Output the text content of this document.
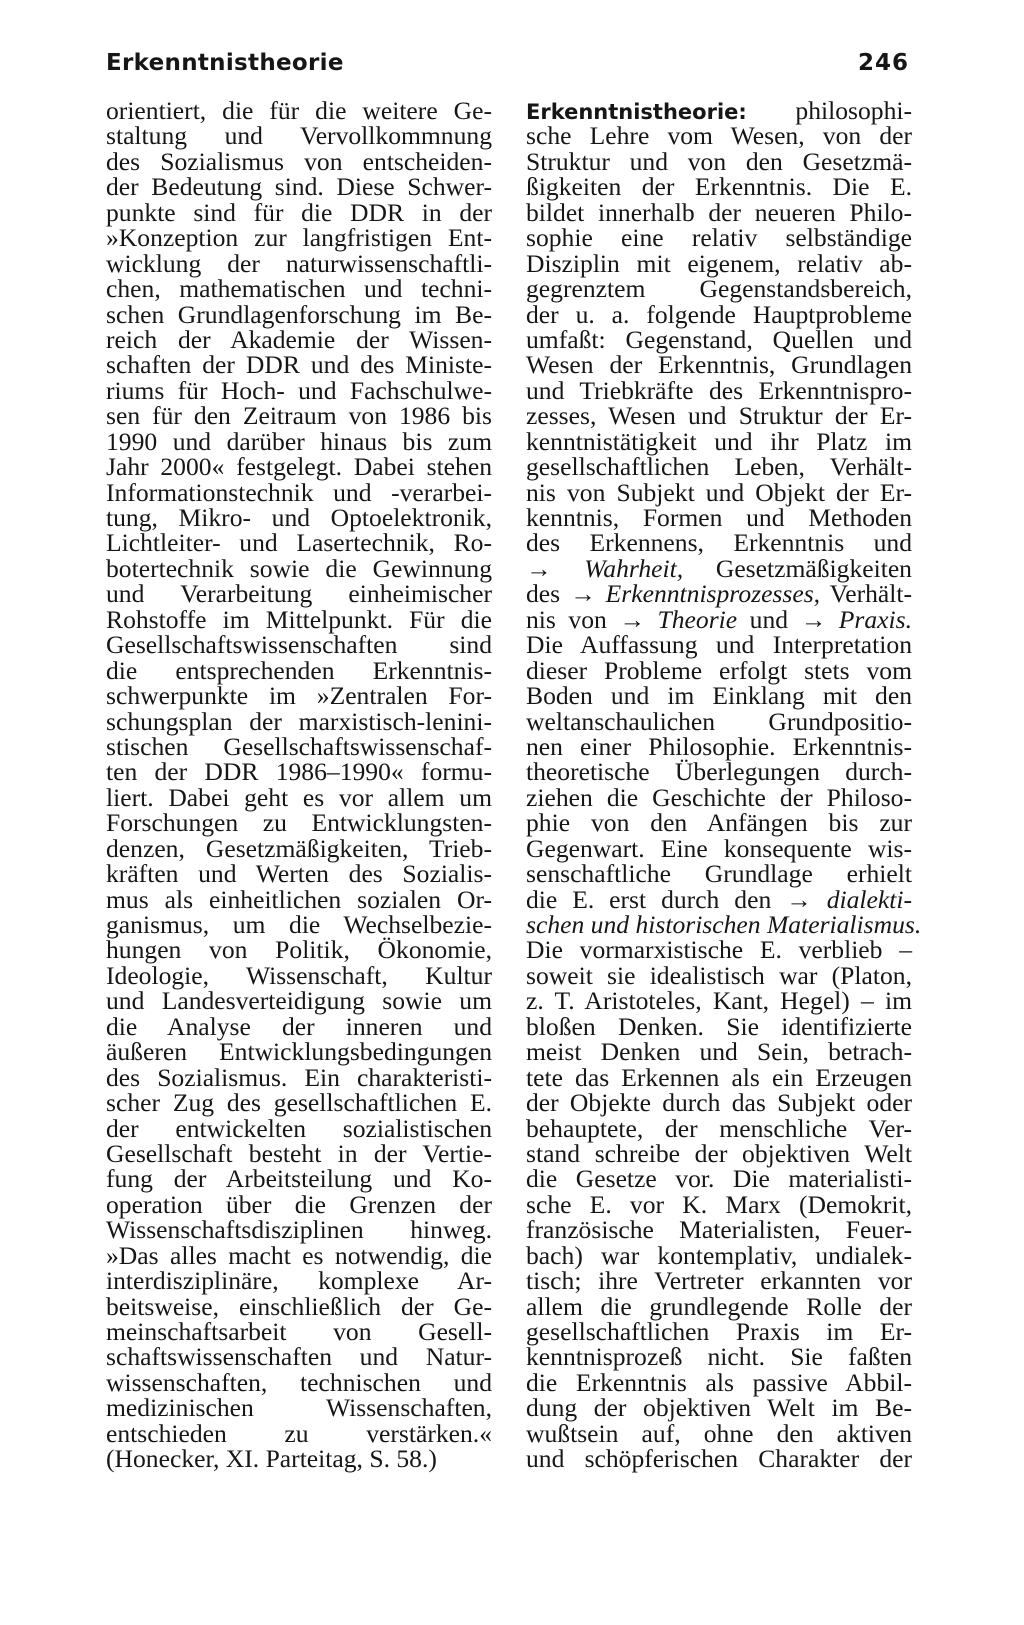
Erkenntnistheorie	246
orientiert, die für die weitere Ge-
staltung und Vervollkommnung
des Sozialismus von entscheiden-
der Bedeutung sind. Diese Schwer-
punkte sind für die DDR in der
»Konzeption zur langfristigen Ent-
wicklung der naturwissenschaftli-
chen, mathematischen und techni-
schen Grundlagenforschung im Be-
reich der Akademie der Wissen-
schaften der DDR und des Ministe-
riums für Hoch- und Fachschulwe-
sen für den Zeitraum von 1986 bis
1990 und darüber hinaus bis zum
Jahr 2000« festgelegt. Dabei stehen
Informationstechnik und -verarbei-
tung, Mikro- und Optoelektronik,
Lichtleiter- und Lasertechnik, Ro-
botertechnik sowie die Gewinnung
und Verarbeitung einheimischer
Rohstoffe im Mittelpunkt. Für die
Gesellschaftswissenschaften sind
die entsprechenden Erkenntnis-
schwerpunkte im »Zentralen For-
schungsplan der marxistisch-lenini-
stischen Gesellschaftswissenschaf-
ten der DDR 1986–1990« formu-
liert. Dabei geht es vor allem um
Forschungen zu Entwicklungsten-
denzen, Gesetzmäßigkeiten, Trieb-
kräften und Werten des Sozialis-
mus als einheitlichen sozialen Or-
ganismus, um die Wechselbezie-
hungen von Politik, Ökonomie,
Ideologie, Wissenschaft, Kultur
und Landesverteidigung sowie um
die Analyse der inneren und
äußeren Entwicklungsbedingungen
des Sozialismus. Ein charakteristi-
scher Zug des gesellschaftlichen E.
der entwickelten sozialistischen
Gesellschaft besteht in der Vertie-
fung der Arbeitsteilung und Ko-
operation über die Grenzen der
Wissenschaftsdisziplinen hinweg.
»Das alles macht es notwendig, die
interdisziplinäre, komplexe Ar-
beitsweise, einschließlich der Ge-
meinschaftsarbeit von Gesell-
schaftswissenschaften und Natur-
wissenschaften, technischen und
medizinischen Wissenschaften,
entschieden zu verstärken.«
(Honecker, XI. Parteitag, S. 58.)
Erkenntnistheorie: philosophi-
sche Lehre vom Wesen, von der
Struktur und von den Gesetzmä-
ßigkeiten der Erkenntnis. Die E.
bildet innerhalb der neueren Philo-
sophie eine relativ selbständige
Disziplin mit eigenem, relativ ab-
gegrenztem Gegenstandsbereich,
der u. a. folgende Hauptprobleme
umfaßt: Gegenstand, Quellen und
Wesen der Erkenntnis, Grundlagen
und Triebkräfte des Erkenntnispro-
zesses, Wesen und Struktur der Er-
kenntnistätigkeit und ihr Platz im
gesellschaftlichen Leben, Verhält-
nis von Subjekt und Objekt der Er-
kenntnis, Formen und Methoden
des Erkennens, Erkenntnis und
→ Wahrheit, Gesetzmäßigkeiten
des → Erkenntnisprozesses, Verhält-
nis von → Theorie und → Praxis.
Die Auffassung und Interpretation
dieser Probleme erfolgt stets vom
Boden und im Einklang mit den
weltanschaulichen Grundpositio-
nen einer Philosophie. Erkenntnis-
theoretische Überlegungen durch-
ziehen die Geschichte der Philoso-
phie von den Anfängen bis zur
Gegenwart. Eine konsequente wis-
senschaftliche Grundlage erhielt
die E. erst durch den → dialekti-
schen und historischen Materialismus.
Die vormarxistische E. verblieb –
soweit sie idealistisch war (Platon,
z. T. Aristoteles, Kant, Hegel) – im
bloßen Denken. Sie identifizierte
meist Denken und Sein, betrach-
tete das Erkennen als ein Erzeugen
der Objekte durch das Subjekt oder
behauptete, der menschliche Ver-
stand schreibe der objektiven Welt
die Gesetze vor. Die materialisti-
sche E. vor K. Marx (Demokrit,
französische Materialisten, Feuer-
bach) war kontemplativ, undialek-
tisch; ihre Vertreter erkannten vor
allem die grundlegende Rolle der
gesellschaftlichen Praxis im Er-
kenntnisprozeß nicht. Sie faßten
die Erkenntnis als passive Abbil-
dung der objektiven Welt im Be-
wußtsein auf, ohne den aktiven
und schöpferischen Charakter der
